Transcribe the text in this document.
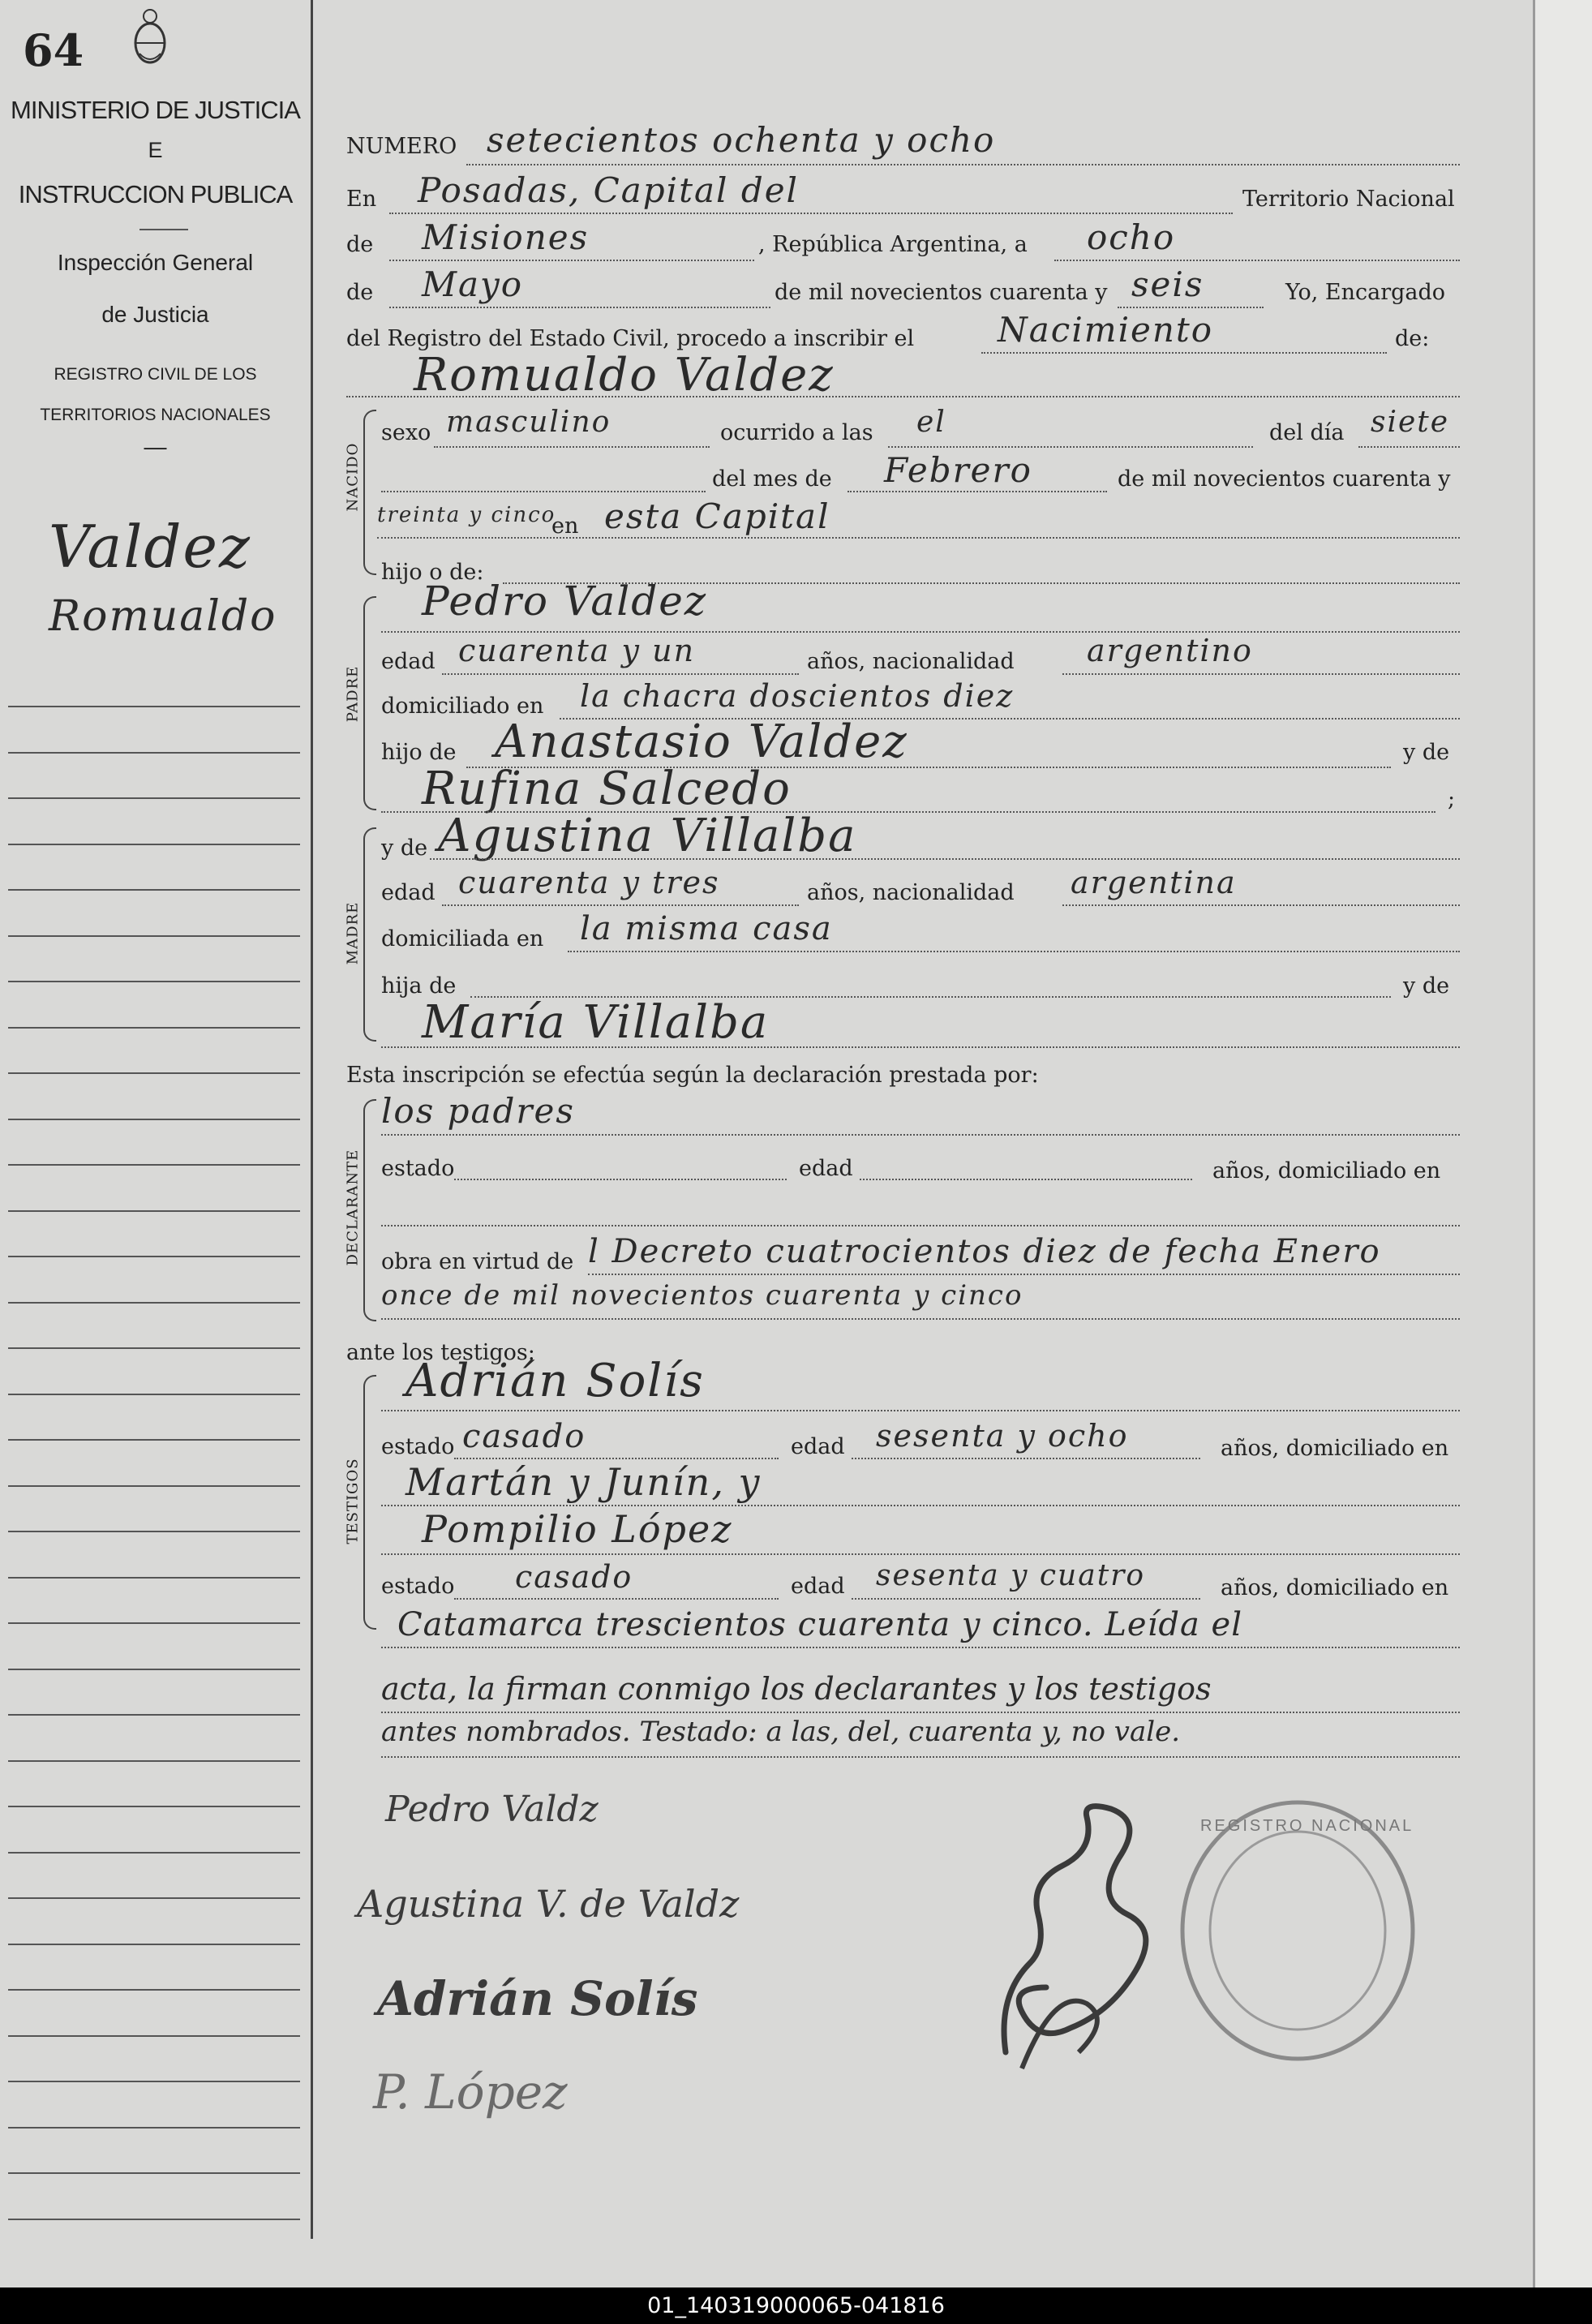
64
MINISTERIO DE JUSTICIA
E
INSTRUCCION PUBLICA
Inspección General
de Justicia
REGISTRO CIVIL DE LOS
TERRITORIOS NACIONALES
—
Valdez
Romualdo
NUMERO setecientos ochenta y ocho
En Posadas, Capital del	Territorio Nacional
de Misiones	, República Argentina, a ocho
de Mayo	de mil novecientos cuarenta y seis	Yo, Encargado
del Registro del Estado Civil, procedo a inscribir el Nacimiento	de:
Romualdo Valdez
NACIDO
sexo masculino	ocurrido a las el	del día siete
del mes de Febrero	de mil novecientos cuarenta y
treinta y cinco
en esta Capital
hijo o de:
PADRE
Pedro Valdez
edad cuarenta y un	años, nacionalidad argentino
domiciliado en la chacra doscientos diez
hijo de Anastasio Valdez	y de
Rufina Salcedo	;
MADRE
y de Agustina Villalba
edad cuarenta y tres	años, nacionalidad argentina
domiciliada en la misma casa
hija de	y de
María Villalba
Esta inscripción se efectúa según la declaración prestada por:
DECLARANTE
los padres
estado	edad	años, domiciliado en
obra en virtud de l Decreto cuatrocientos diez de fecha Enero
once de mil novecientos cuarenta y cinco
ante los testigos:
TESTIGOS
Adrián Solís
estado casado	edad sesenta y ocho	años, domiciliado en
Martán y Junín, y
Pompilio López
estado casado	edad sesenta y cuatro	años, domiciliado en
Catamarca trescientos cuarenta y cinco. Leída el
acta, la firman conmigo los declarantes y los testigos
antes nombrados. Testado: a las, del, cuarenta y, no vale.
Pedro Valdz
Agustina V. de Valdz
Adrián Solís
P. López
REGISTRO NACIONAL
01_140319000065-041816
